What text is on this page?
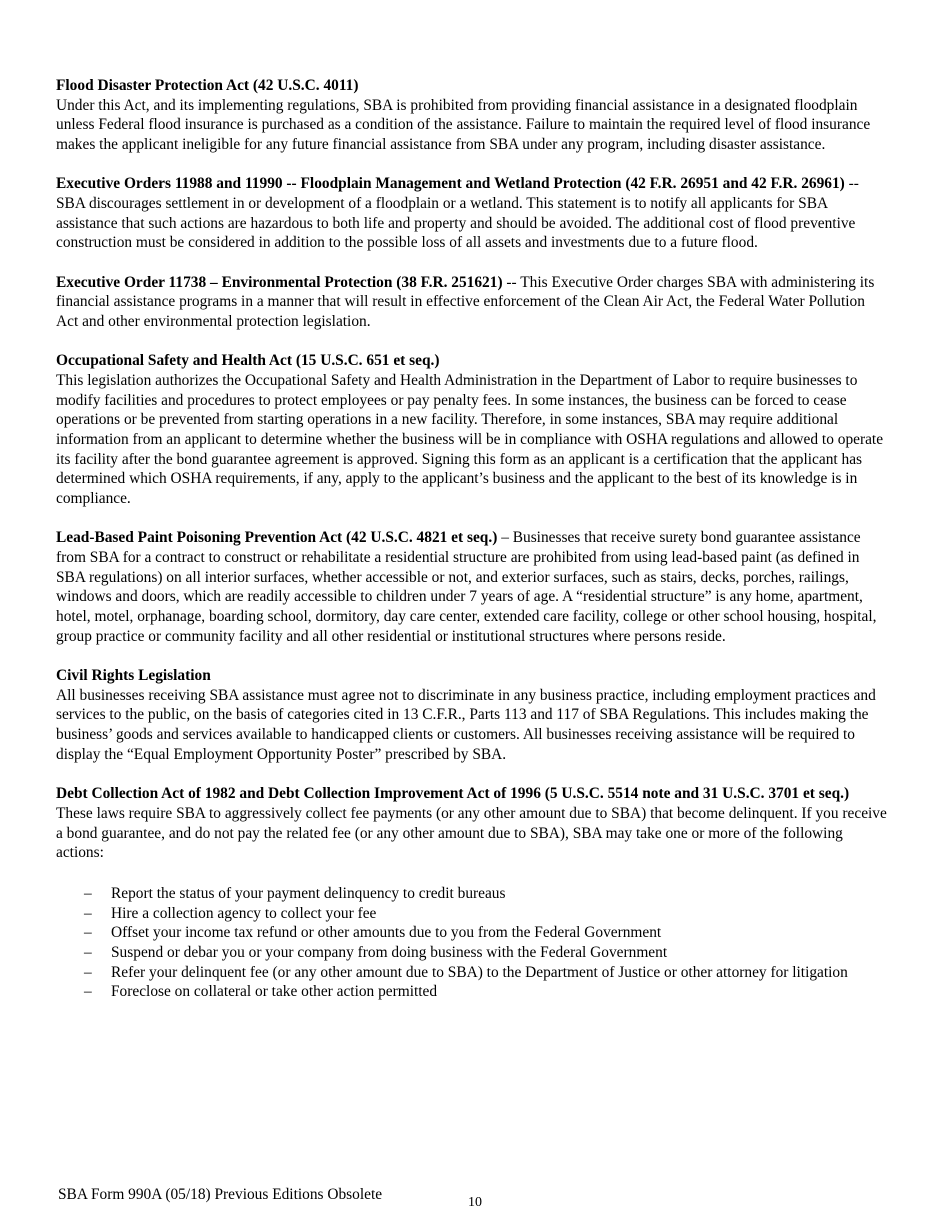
Flood Disaster Protection Act (42 U.S.C. 4011)
Under this Act, and its implementing regulations, SBA is prohibited from providing financial assistance in a designated floodplain unless Federal flood insurance is purchased as a condition of the assistance. Failure to maintain the required level of flood insurance makes the applicant ineligible for any future financial assistance from SBA under any program, including disaster assistance.
Executive Orders 11988 and 11990 -- Floodplain Management and Wetland Protection (42 F.R. 26951 and 42 F.R. 26961) -- SBA discourages settlement in or development of a floodplain or a wetland. This statement is to notify all applicants for SBA assistance that such actions are hazardous to both life and property and should be avoided. The additional cost of flood preventive construction must be considered in addition to the possible loss of all assets and investments due to a future flood.
Executive Order 11738 – Environmental Protection (38 F.R. 251621) -- This Executive Order charges SBA with administering its financial assistance programs in a manner that will result in effective enforcement of the Clean Air Act, the Federal Water Pollution Act and other environmental protection legislation.
Occupational Safety and Health Act (15 U.S.C. 651 et seq.)
This legislation authorizes the Occupational Safety and Health Administration in the Department of Labor to require businesses to modify facilities and procedures to protect employees or pay penalty fees. In some instances, the business can be forced to cease operations or be prevented from starting operations in a new facility. Therefore, in some instances, SBA may require additional information from an applicant to determine whether the business will be in compliance with OSHA regulations and allowed to operate its facility after the bond guarantee agreement is approved. Signing this form as an applicant is a certification that the applicant has determined which OSHA requirements, if any, apply to the applicant’s business and the applicant to the best of its knowledge is in compliance.
Lead-Based Paint Poisoning Prevention Act (42 U.S.C. 4821 et seq.) – Businesses that receive surety bond guarantee assistance from SBA for a contract to construct or rehabilitate a residential structure are prohibited from using lead-based paint (as defined in SBA regulations) on all interior surfaces, whether accessible or not, and exterior surfaces, such as stairs, decks, porches, railings, windows and doors, which are readily accessible to children under 7 years of age. A “residential structure” is any home, apartment, hotel, motel, orphanage, boarding school, dormitory, day care center, extended care facility, college or other school housing, hospital, group practice or community facility and all other residential or institutional structures where persons reside.
Civil Rights Legislation
All businesses receiving SBA assistance must agree not to discriminate in any business practice, including employment practices and services to the public, on the basis of categories cited in 13 C.F.R., Parts 113 and 117 of SBA Regulations. This includes making the business’ goods and services available to handicapped clients or customers. All businesses receiving assistance will be required to display the “Equal Employment Opportunity Poster” prescribed by SBA.
Debt Collection Act of 1982 and Debt Collection Improvement Act of 1996 (5 U.S.C. 5514 note and 31 U.S.C. 3701 et seq.)
These laws require SBA to aggressively collect fee payments (or any other amount due to SBA) that become delinquent. If you receive a bond guarantee, and do not pay the related fee (or any other amount due to SBA), SBA may take one or more of the following actions:
– Report the status of your payment delinquency to credit bureaus
– Hire a collection agency to collect your fee
– Offset your income tax refund or other amounts due to you from the Federal Government
– Suspend or debar you or your company from doing business with the Federal Government
– Refer your delinquent fee (or any other amount due to SBA) to the Department of Justice or other attorney for litigation
– Foreclose on collateral or take other action permitted
SBA Form 990A (05/18) Previous Editions Obsolete	10
